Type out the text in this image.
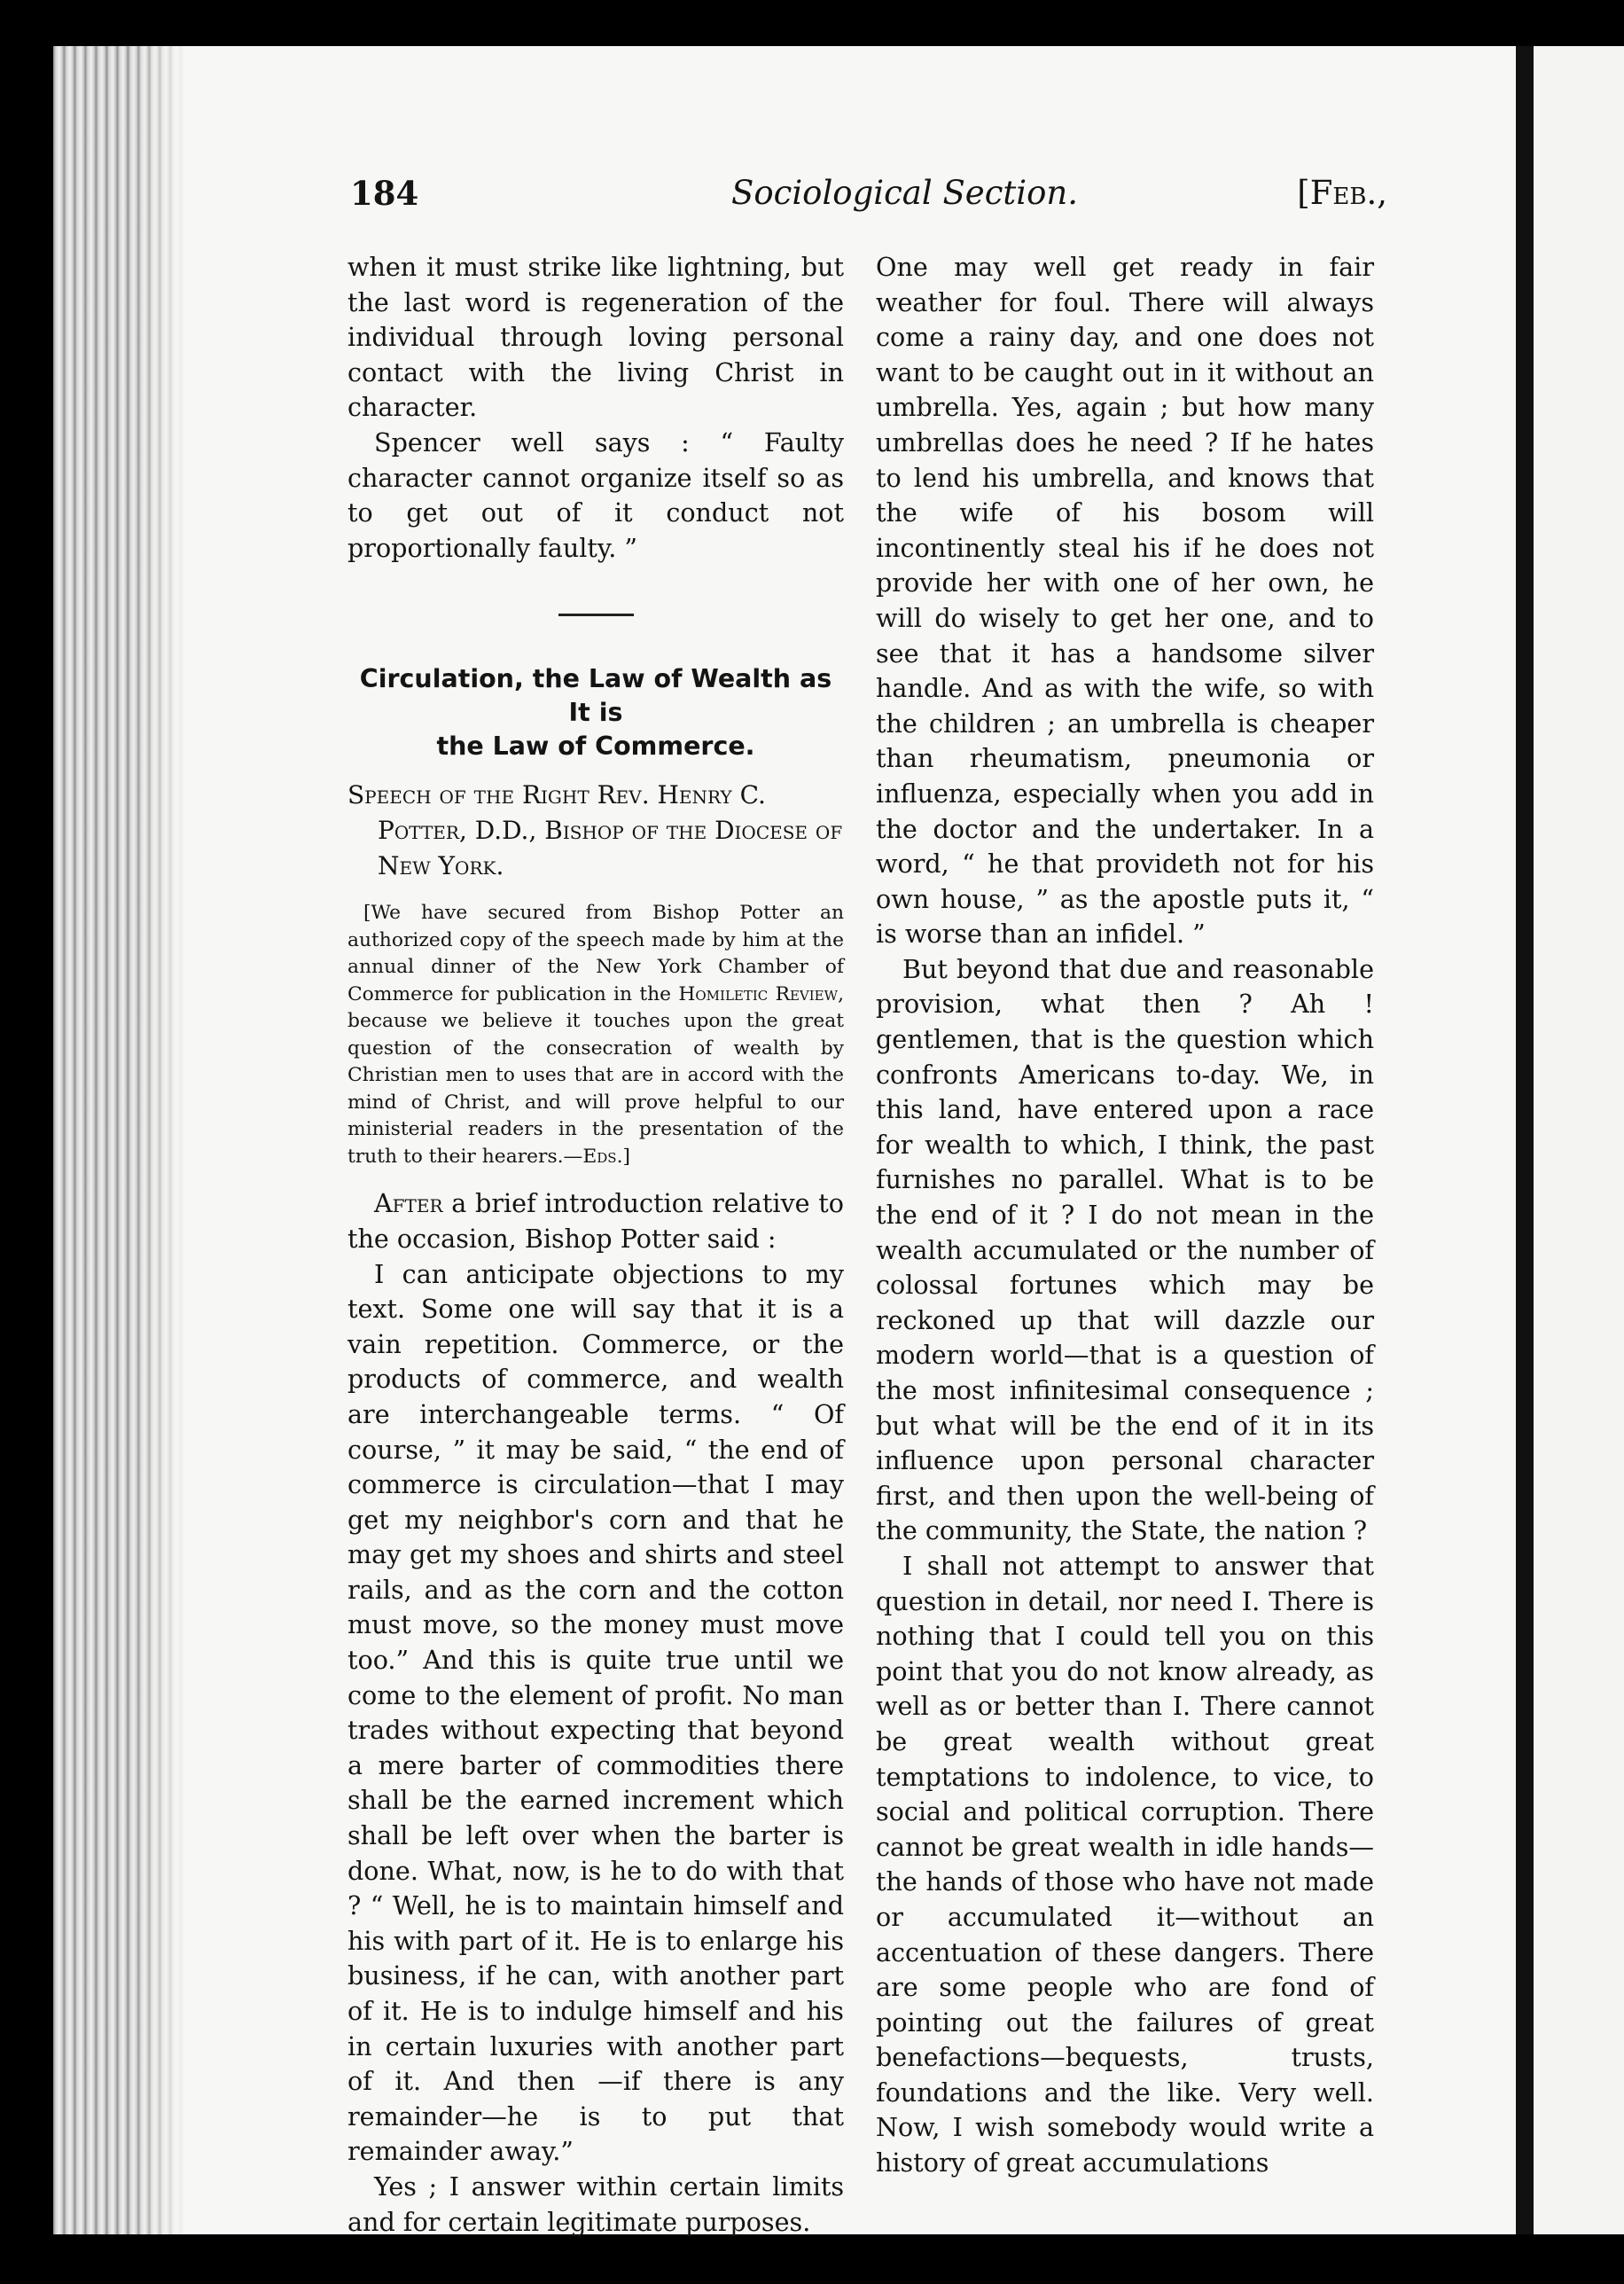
184	Sociological Section.	[Feb.,

when it must strike like lightning, but the last word is regeneration of the individual through loving personal contact with the living Christ in character.

Spencer well says : “ Faulty character cannot organize itself so as to get out of it conduct not proportionally faulty. ”

Circulation, the Law of Wealth as It is
the Law of Commerce.

Speech of the Right Rev. Henry C. Potter, D.D., Bishop of the Diocese of New York.

[We have secured from Bishop Potter an authorized copy of the speech made by him at the annual dinner of the New York Chamber of Commerce for publication in the Homiletic Review, because we believe it touches upon the great question of the consecration of wealth by Christian men to uses that are in accord with the mind of Christ, and will prove helpful to our ministerial readers in the presentation of the truth to their hearers.—Eds.]

After a brief introduction relative to the occasion, Bishop Potter said :

I can anticipate objections to my text. Some one will say that it is a vain repetition. Commerce, or the products of commerce, and wealth are interchangeable terms. “ Of course, ” it may be said, “ the end of commerce is circulation—that I may get my neighbor's corn and that he may get my shoes and shirts and steel rails, and as the corn and the cotton must move, so the money must move too.” And this is quite true until we come to the element of profit. No man trades without expecting that beyond a mere barter of commodities there shall be the earned increment which shall be left over when the barter is done. What, now, is he to do with that ? “ Well, he is to maintain himself and his with part of it. He is to enlarge his business, if he can, with another part of it. He is to indulge himself and his in certain luxuries with another part of it. And then —if there is any remainder—he is to put that remainder away.”

Yes ; I answer within certain limits and for certain legitimate purposes.

One may well get ready in fair weather for foul. There will always come a rainy day, and one does not want to be caught out in it without an umbrella. Yes, again ; but how many umbrellas does he need ? If he hates to lend his umbrella, and knows that the wife of his bosom will incontinently steal his if he does not provide her with one of her own, he will do wisely to get her one, and to see that it has a handsome silver handle. And as with the wife, so with the children ; an umbrella is cheaper than rheumatism, pneumonia or influenza, especially when you add in the doctor and the undertaker. In a word, “ he that provideth not for his own house, ” as the apostle puts it, “ is worse than an infidel. ”

But beyond that due and reasonable provision, what then ? Ah ! gentlemen, that is the question which confronts Americans to-day. We, in this land, have entered upon a race for wealth to which, I think, the past furnishes no parallel. What is to be the end of it ? I do not mean in the wealth accumulated or the number of colossal fortunes which may be reckoned up that will dazzle our modern world—that is a question of the most infinitesimal consequence ; but what will be the end of it in its influence upon personal character first, and then upon the well-being of the community, the State, the nation ?

I shall not attempt to answer that question in detail, nor need I. There is nothing that I could tell you on this point that you do not know already, as well as or better than I. There cannot be great wealth without great temptations to indolence, to vice, to social and political corruption. There cannot be great wealth in idle hands—the hands of those who have not made or accumulated it—without an accentuation of these dangers. There are some people who are fond of pointing out the failures of great benefactions—bequests, trusts, foundations and the like. Very well. Now, I wish somebody would write a history of great accumulations
